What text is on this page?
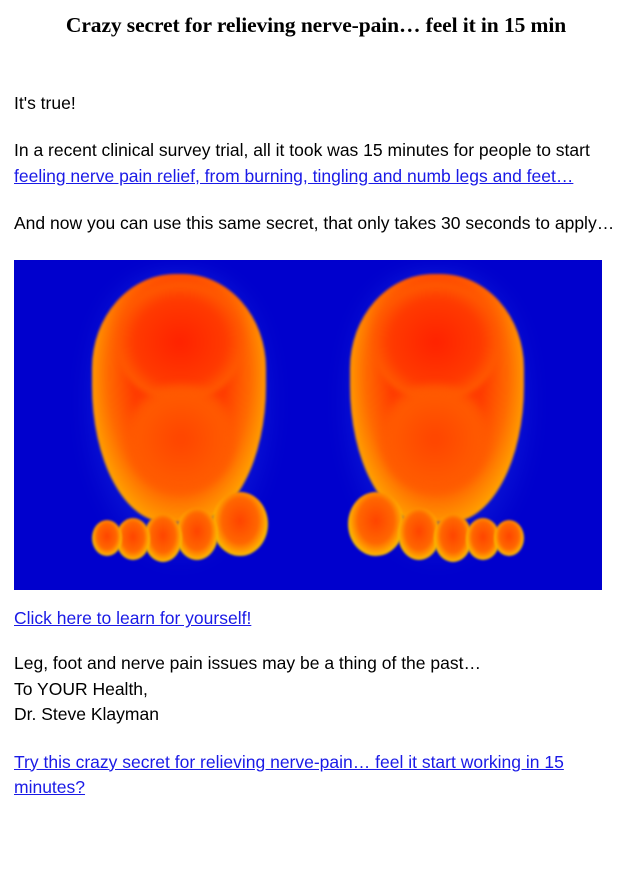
Crazy secret for relieving nerve-pain… feel it in 15 min

It's true!

In a recent clinical survey trial, all it took was 15 minutes for people to start feeling nerve pain relief, from burning, tingling and numb legs and feet…

And now you can use this same secret, that only takes 30 seconds to apply…

Click here to learn for yourself!

Leg, foot and nerve pain issues may be a thing of the past…

To YOUR Health,

Dr. Steve Klayman

Try this crazy secret for relieving nerve-pain… feel it start working in 15 minutes?
